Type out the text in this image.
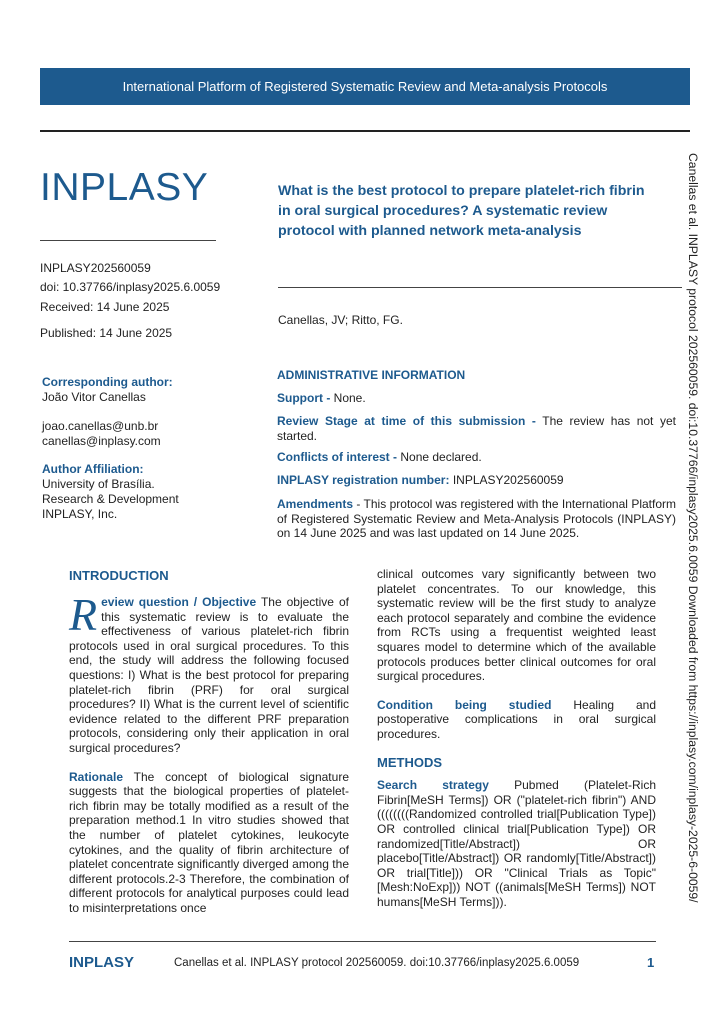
International Platform of Registered Systematic Review and Meta-analysis Protocols
INPLASY
INPLASY202560059
doi: 10.37766/inplasy2025.6.0059
Received: 14 June 2025
Published: 14 June 2025
What is the best protocol to prepare platelet-rich fibrin in oral surgical procedures? A systematic review protocol with planned network meta-analysis
Canellas, JV; Ritto, FG.
Corresponding author:
João Vitor Canellas
joao.canellas@unb.br
canellas@inplasy.com
Author Affiliation:
University of Brasília.
Research & Development
INPLASY, Inc.
ADMINISTRATIVE INFORMATION
Support - None.
Review Stage at time of this submission - The review has not yet started.
Conflicts of interest - None declared.
INPLASY registration number: INPLASY202560059
Amendments - This protocol was registered with the International Platform of Registered Systematic Review and Meta-Analysis Protocols (INPLASY) on 14 June 2025 and was last updated on 14 June 2025.
INTRODUCTION

Review question / Objective The objective of this systematic review is to evaluate the effectiveness of various platelet-rich fibrin protocols used in oral surgical procedures. To this end, the study will address the following focused questions: I) What is the best protocol for preparing platelet-rich fibrin (PRF) for oral surgical procedures? II) What is the current level of scientific evidence related to the different PRF preparation protocols, considering only their application in oral surgical procedures?

Rationale The concept of biological signature suggests that the biological properties of platelet-rich fibrin may be totally modified as a result of the preparation method.1 In vitro studies showed that the number of platelet cytokines, leukocyte cytokines, and the quality of fibrin architecture of platelet concentrate significantly diverged among the different protocols.2-3 Therefore, the combination of different protocols for analytical purposes could lead to misinterpretations once

clinical outcomes vary significantly between two platelet concentrates. To our knowledge, this systematic review will be the first study to analyze each protocol separately and combine the evidence from RCTs using a frequentist weighted least squares model to determine which of the available protocols produces better clinical outcomes for oral surgical procedures.

Condition being studied Healing and postoperative complications in oral surgical procedures.

METHODS

Search strategy Pubmed (Platelet-Rich Fibrin[MeSH Terms]) OR ("platelet-rich fibrin") AND ((((((((Randomized controlled trial[Publication Type]) OR controlled clinical trial[Publication Type]) OR randomized[Title/Abstract]) OR placebo[Title/Abstract]) OR randomly[Title/Abstract]) OR trial[Title])) OR "Clinical Trials as Topic"[Mesh:NoExp])) NOT ((animals[MeSH Terms]) NOT humans[MeSH Terms])).	Canellas et al. INPLASY protocol 202560059. doi:10.37766/inplasy2025.6.0059 Downloaded from https://inplasy.com/inplasy-2025-6-0059/
INPLASY	Canellas et al. INPLASY protocol 202560059. doi:10.37766/inplasy2025.6.0059	1
